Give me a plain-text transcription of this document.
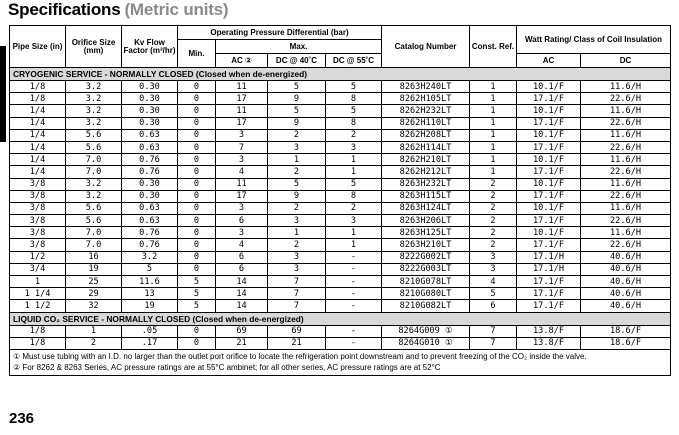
Specifications (Metric units)
Pipe Size (in)	Orifice Size (mm)	Kv Flow Factor (m³/hr)	Operating Pressure Differential (bar)				Catalog Number	Const. Ref.	Watt Rating/ Class of Coil Insulation	
			Min.	Max.						
				AC ②	DC @ 40˚C	DC @ 55˚C			AC	DC
CRYOGENIC SERVICE - NORMALLY CLOSED (Closed when de-energized)										
1/8	3.2	0.30	0	11	5	5	8263H240LT	1	10.1/F	11.6/H
1/8	3.2	0.30	0	17	9	8	8262H105LT	1	17.1/F	22.6/H
1/4	3.2	0.30	0	11	5	5	8262H232LT	1	10.1/F	11.6/H
1/4	3.2	0.30	0	17	9	8	8262H110LT	1	17.1/F	22.6/H
1/4	5.6	0.63	0	3	2	2	8262H208LT	1	10.1/F	11.6/H
1/4	5.6	0.63	0	7	3	3	8262H114LT	1	17.1/F	22.6/H
1/4	7.0	0.76	0	3	1	1	8262H210LT	1	10.1/F	11.6/H
1/4	7.0	0.76	0	4	2	1	8262H212LT	1	17.1/F	22.6/H
3/8	3.2	0.30	0	11	5	5	8263H232LT	2	10.1/F	11.6/H
3/8	3.2	0.30	0	17	9	8	8263H115LT	2	17.1/F	22.6/H
3/8	5.6	0.63	0	3	2	2	8263H124LT	2	10.1/F	11.6/H
3/8	5.6	0.63	0	6	3	3	8263H206LT	2	17.1/F	22.6/H
3/8	7.0	0.76	0	3	1	1	8263H125LT	2	10.1/F	11.6/H
3/8	7.0	0.76	0	4	2	1	8263H210LT	2	17.1/F	22.6/H
1/2	16	3.2	0	6	3	-	8222G002LT	3	17.1/H	40.6/H
3/4	19	5	0	6	3	-	8222G003LT	3	17.1/H	40.6/H
1	25	11.6	5	14	7	-	8210G078LT	4	17.1/F	40.6/H
1 1/4	29	13	5	14	7	-	8210G080LT	5	17.1/F	40.6/H
1 1/2	32	19	5	14	7	-	8210G082LT	6	17.1/F	40.6/H
LIQUID CO₂ SERVICE - NORMALLY CLOSED (Closed when de-energized)										
1/8	1	.05	0	69	69	-	8264G009 ①	7	13.8/F	18.6/F
1/8	2	.17	0	21	21	-	8264G010 ①	7	13.8/F	18.6/F

① Must use tubing with an I.D. no larger than the outlet port orifice to locate the refrigeration point downstream and to prevent freezing of the CO₂ inside the valve.
② For 8262 & 8263 Series, AC pressure ratings are at 55°C ambinet; for all other series, AC pressure ratings are at 52°C										
236
